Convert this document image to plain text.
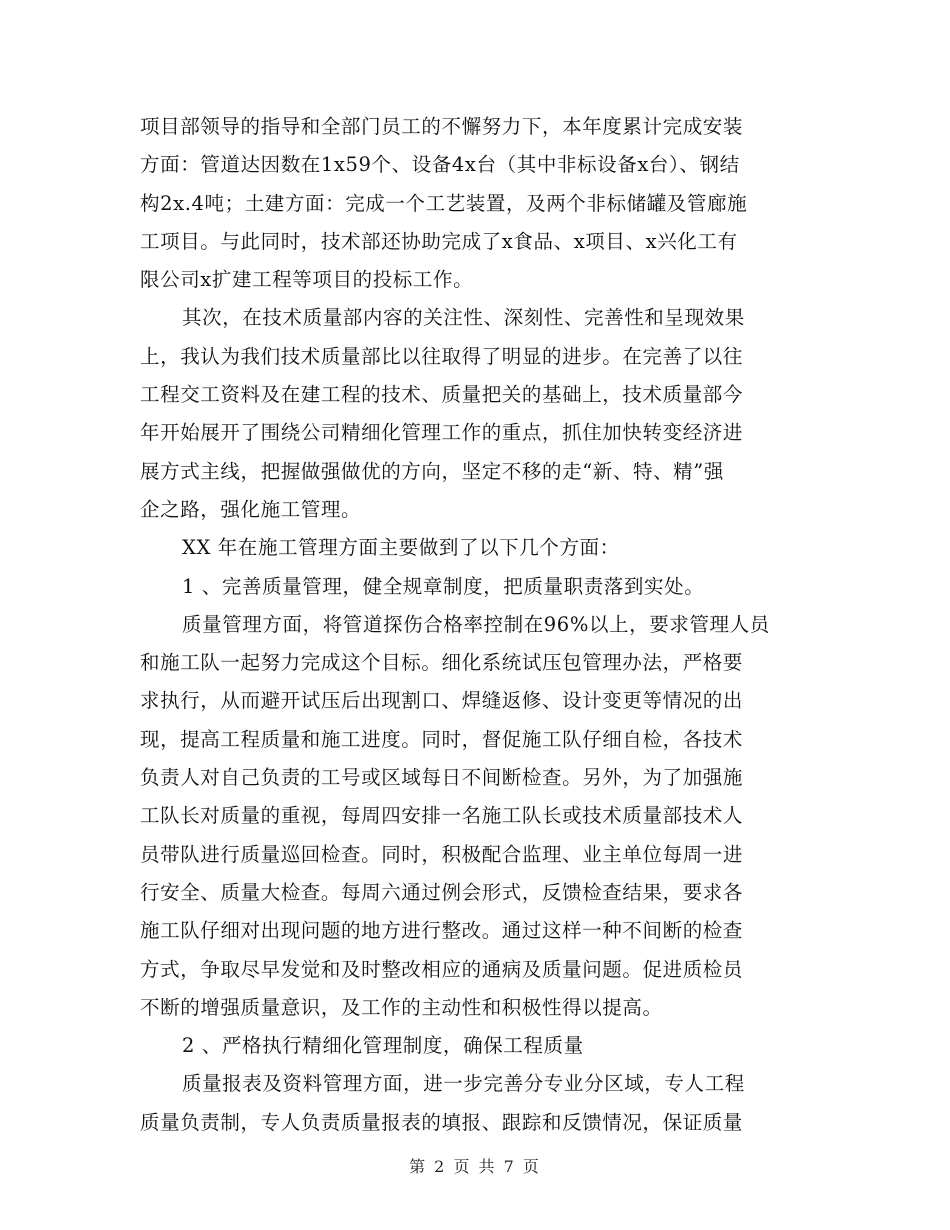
项目部领导的指导和全部门员工的不懈努力下，本年度累计完成安装
方面：管道达因数在1x59个、设备4x台（其中非标设备x台）、钢结
构2x.4吨；土建方面：完成一个工艺装置，及两个非标储罐及管廊施
工项目。与此同时，技术部还协助完成了x食品、x项目、x兴化工有
限公司x扩建工程等项目的投标工作。
其次，在技术质量部内容的关注性、深刻性、完善性和呈现效果
上，我认为我们技术质量部比以往取得了明显的进步。在完善了以往
工程交工资料及在建工程的技术、质量把关的基础上，技术质量部今
年开始展开了围绕公司精细化管理工作的重点，抓住加快转变经济进
展方式主线，把握做强做优的方向，坚定不移的走“新、特、精”强
企之路，强化施工管理。
XX 年在施工管理方面主要做到了以下几个方面：
1 、完善质量管理，健全规章制度，把质量职责落到实处。
质量管理方面，将管道探伤合格率控制在96%以上，要求管理人员
和施工队一起努力完成这个目标。细化系统试压包管理办法，严格要
求执行，从而避开试压后出现割口、焊缝返修、设计变更等情况的出
现，提高工程质量和施工进度。同时，督促施工队仔细自检，各技术
负责人对自己负责的工号或区域每日不间断检查。另外，为了加强施
工队长对质量的重视，每周四安排一名施工队长或技术质量部技术人
员带队进行质量巡回检查。同时，积极配合监理、业主单位每周一进
行安全、质量大检查。每周六通过例会形式，反馈检查结果，要求各
施工队仔细对出现问题的地方进行整改。通过这样一种不间断的检查
方式，争取尽早发觉和及时整改相应的通病及质量问题。促进质检员
不断的增强质量意识，及工作的主动性和积极性得以提高。
2 、严格执行精细化管理制度，确保工程质量
质量报表及资料管理方面，进一步完善分专业分区域，专人工程
质量负责制，专人负责质量报表的填报、跟踪和反馈情况，保证质量
第 2 页 共 7 页
